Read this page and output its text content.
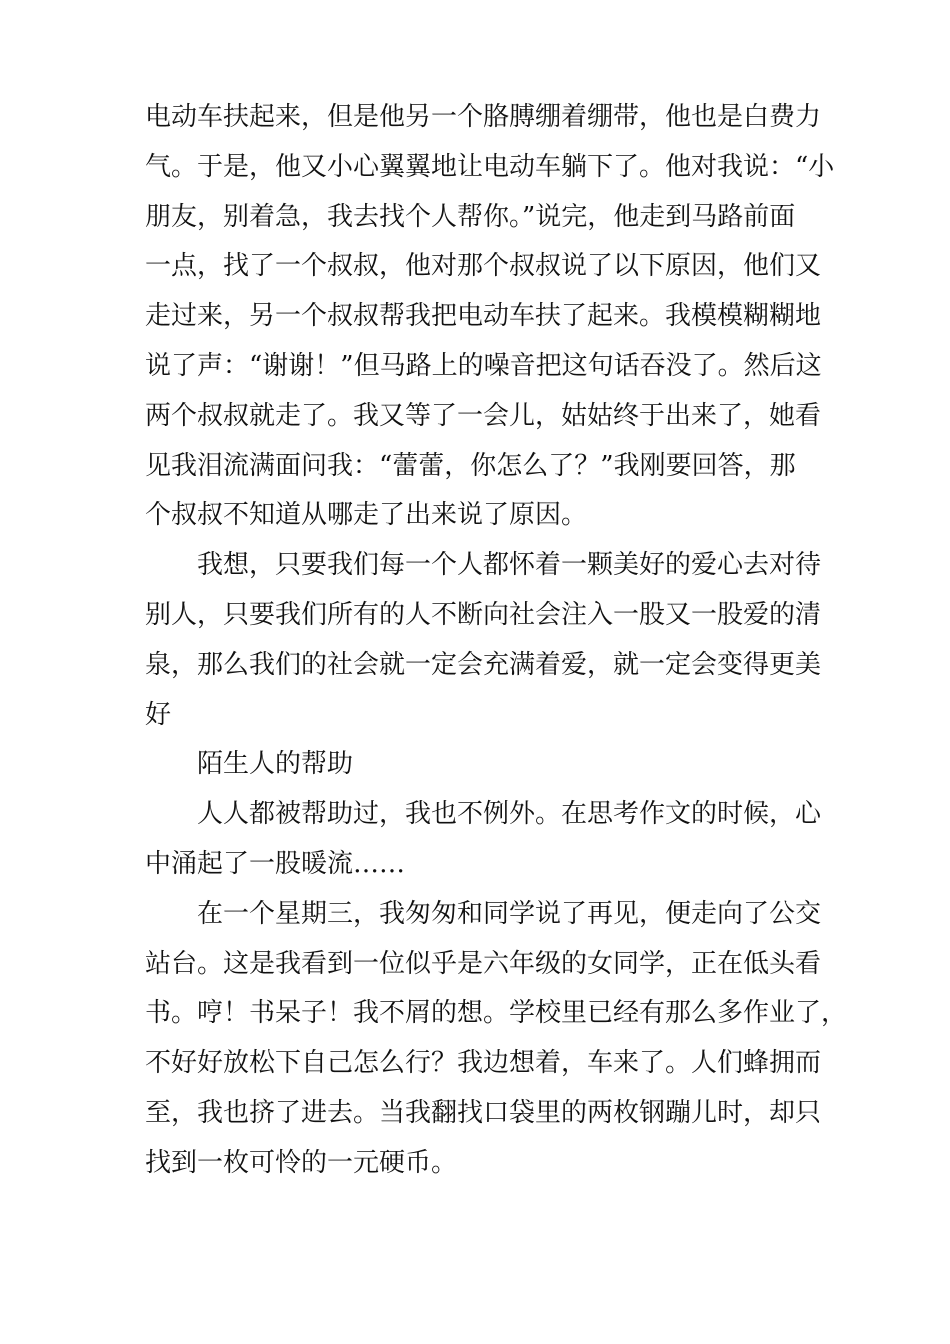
电动车扶起来，但是他另一个胳膊绷着绷带，他也是白费力
气。于是，他又小心翼翼地让电动车躺下了。他对我说：“小
朋友，别着急，我去找个人帮你。”说完，他走到马路前面
一点，找了一个叔叔，他对那个叔叔说了以下原因，他们又
走过来，另一个叔叔帮我把电动车扶了起来。我模模糊糊地
说了声：“谢谢！”但马路上的噪音把这句话吞没了。然后这
两个叔叔就走了。我又等了一会儿，姑姑终于出来了，她看
见我泪流满面问我：“蕾蕾，你怎么了？”我刚要回答，那
个叔叔不知道从哪走了出来说了原因。
我想，只要我们每一个人都怀着一颗美好的爱心去对待
别人，只要我们所有的人不断向社会注入一股又一股爱的清
泉，那么我们的社会就一定会充满着爱，就一定会变得更美
好
陌生人的帮助
人人都被帮助过，我也不例外。在思考作文的时候，心
中涌起了一股暖流……
在一个星期三，我匆匆和同学说了再见，便走向了公交
站台。这是我看到一位似乎是六年级的女同学，正在低头看
书。哼！书呆子！我不屑的想。学校里已经有那么多作业了，
不好好放松下自己怎么行？我边想着，车来了。人们蜂拥而
至，我也挤了进去。当我翻找口袋里的两枚钢蹦儿时，却只
找到一枚可怜的一元硬币。
